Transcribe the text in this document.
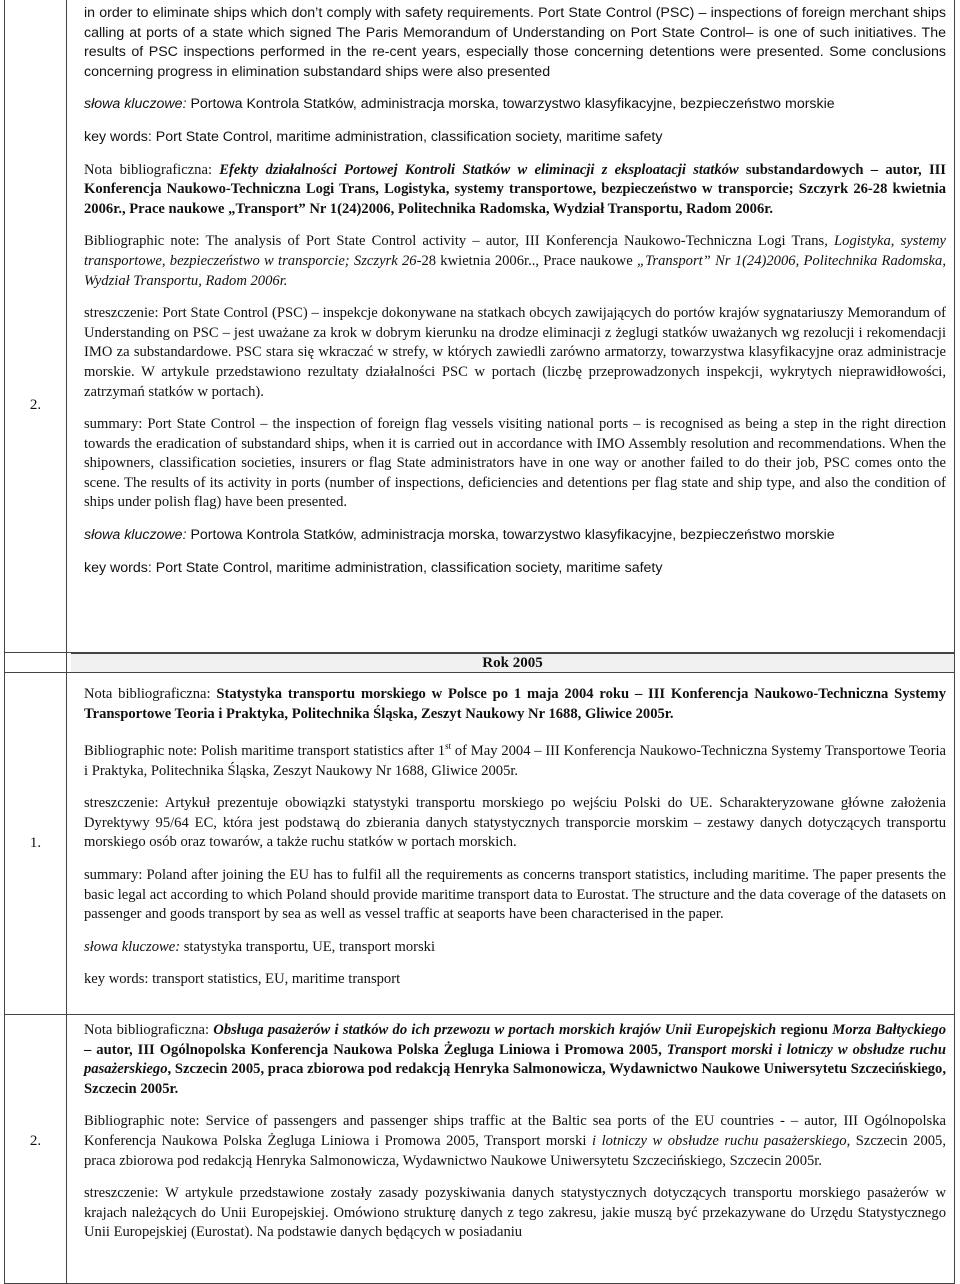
2.

in order to eliminate ships which don’t comply with safety requirements. Port State Control (PSC) – inspections of foreign merchant ships calling at ports of a state which signed The Paris Memorandum of Understanding on Port State Control– is one of such initiatives. The results of PSC inspections performed in the re-cent years, especially those concerning detentions were presented. Some conclusions concerning progress in elimination substandard ships were also presented

słowa kluczowe: Portowa Kontrola Statków, administracja morska, towarzystwo klasyfikacyjne, bezpieczeństwo morskie

key words: Port State Control, maritime administration, classification society, maritime safety

Nota bibliograficzna: Efekty działalności Portowej Kontroli Statków w eliminacji z eksploatacji statków substandardowych – autor, III Konferencja Naukowo-Techniczna Logi Trans, Logistyka, systemy transportowe, bezpieczeństwo w transporcie; Szczyrk 26-28 kwietnia 2006r., Prace naukowe „Transport” Nr 1(24)2006, Politechnika Radomska, Wydział Transportu, Radom 2006r.

Bibliographic note: The analysis of Port State Control activity – autor, III Konferencja Naukowo-Techniczna Logi Trans, Logistyka, systemy transportowe, bezpieczeństwo w transporcie; Szczyrk 26-28 kwietnia 2006r.., Prace naukowe „Transport” Nr 1(24)2006, Politechnika Radomska, Wydział Transportu, Radom 2006r.

streszczenie: Port State Control (PSC) – inspekcje dokonywane na statkach obcych zawijających do portów krajów sygnatariuszy Memorandum of Understanding on PSC – jest uważane za krok w dobrym kierunku na drodze eliminacji z żeglugi statków uważanych wg rezolucji i rekomendacji IMO za substandardowe. PSC stara się wkraczać w strefy, w których zawiedli zarówno armatorzy, towarzystwa klasyfikacyjne oraz administracje morskie. W artykule przedstawiono rezultaty działalności PSC w portach (liczbę przeprowadzonych inspekcji, wykrytych nieprawidłowości, zatrzymań statków w portach).

summary: Port State Control – the inspection of foreign flag vessels visiting national ports – is recognised as being a step in the right direction towards the eradication of substandard ships, when it is carried out in accordance with IMO Assembly resolution and recommendations. When the shipowners, classification societies, insurers or flag State administrators have in one way or another failed to do their job, PSC comes onto the scene. The results of its activity in ports (number of inspections, deficiencies and detentions per flag state and ship type, and also the condition of ships under polish flag) have been presented.

słowa kluczowe: Portowa Kontrola Statków, administracja morska, towarzystwo klasyfikacyjne, bezpieczeństwo morskie

key words: Port State Control, maritime administration, classification society, maritime safety

Rok 2005
1.

Nota bibliograficzna: Statystyka transportu morskiego w Polsce po 1 maja 2004 roku – III Konferencja Naukowo-Techniczna Systemy Transportowe Teoria i Praktyka, Politechnika Śląska, Zeszyt Naukowy Nr 1688, Gliwice 2005r.

Bibliographic note: Polish maritime transport statistics after 1st of May 2004 – III Konferencja Naukowo-Techniczna Systemy Transportowe Teoria i Praktyka, Politechnika Śląska, Zeszyt Naukowy Nr 1688, Gliwice 2005r.

streszczenie: Artykuł prezentuje obowiązki statystyki transportu morskiego po wejściu Polski do UE. Scharakteryzowane główne założenia Dyrektywy 95/64 EC, która jest podstawą do zbierania danych statystycznych transporcie morskim – zestawy danych dotyczących transportu morskiego osób oraz towarów, a także ruchu statków w portach morskich.

summary: Poland after joining the EU has to fulfil all the requirements as concerns transport statistics, including maritime. The paper presents the basic legal act according to which Poland should provide maritime transport data to Eurostat. The structure and the data coverage of the datasets on passenger and goods transport by sea as well as vessel traffic at seaports have been characterised in the paper.

słowa kluczowe: statystyka transportu, UE, transport morski

key words: transport statistics, EU, maritime transport

2.

Nota bibliograficzna: Obsługa pasażerów i statków do ich przewozu w portach morskich krajów Unii Europejskich regionu Morza Bałtyckiego – autor, III Ogólnopolska Konferencja Naukowa Polska Żegluga Liniowa i Promowa 2005, Transport morski i lotniczy w obsłudze ruchu pasażerskiego, Szczecin 2005, praca zbiorowa pod redakcją Henryka Salmonowicza, Wydawnictwo Naukowe Uniwersytetu Szczecińskiego, Szczecin 2005r.

Bibliographic note: Service of passengers and passenger ships traffic at the Baltic sea ports of the EU countries - – autor, III Ogólnopolska Konferencja Naukowa Polska Żegluga Liniowa i Promowa 2005, Transport morski i lotniczy w obsłudze ruchu pasażerskiego, Szczecin 2005, praca zbiorowa pod redakcją Henryka Salmonowicza, Wydawnictwo Naukowe Uniwersytetu Szczecińskiego, Szczecin 2005r.

streszczenie: W artykule przedstawione zostały zasady pozyskiwania danych statystycznych dotyczących transportu morskiego pasażerów w krajach należących do Unii Europejskiej. Omówiono strukturę danych z tego zakresu, jakie muszą być przekazywane do Urzędu Statystycznego Unii Europejskiej (Eurostat). Na podstawie danych będących w posiadaniu
